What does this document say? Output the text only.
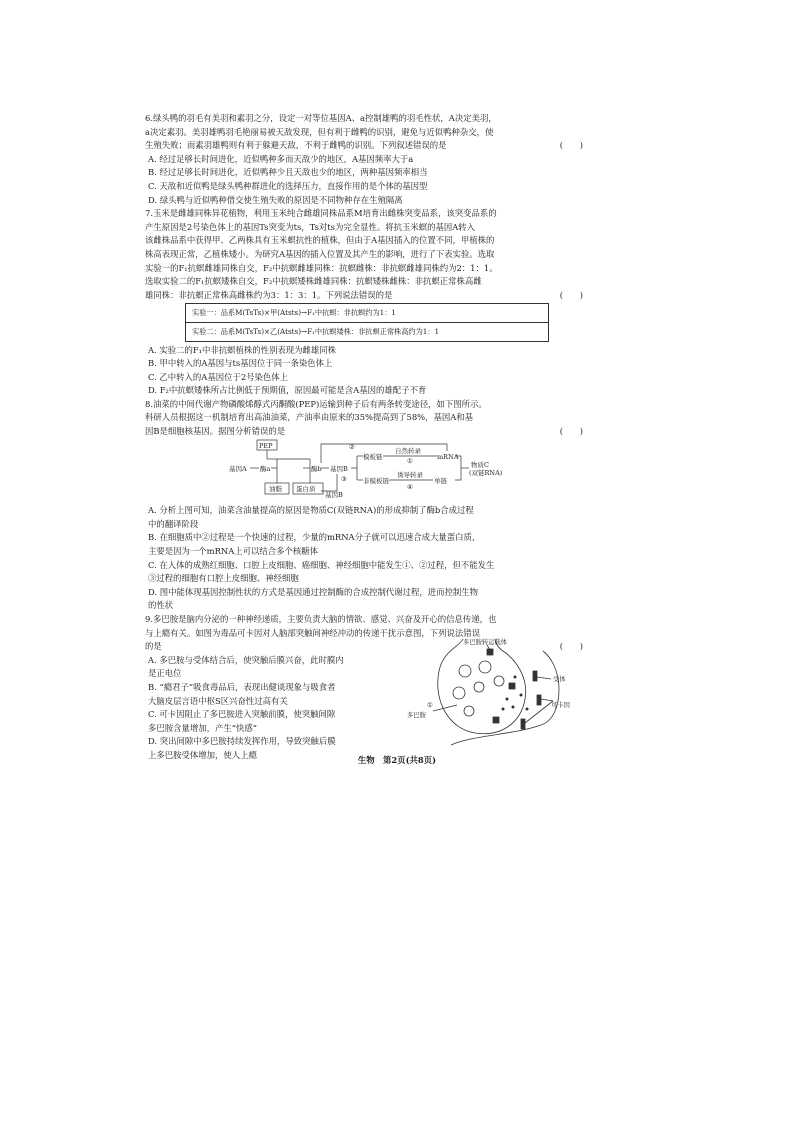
6.绿头鸭的羽毛有美羽和素羽之分，设定一对等位基因A、a控制雄鸭的羽毛性状，A决定美羽，

a决定素羽。美羽雄鸭羽毛艳丽易被天敌发现，但有利于雌鸭的识别，避免与近似鸭种杂交，使

生殖失败；而素羽雄鸭则有利于躲避天敌，不利于雌鸭的识别。下列叙述错误的是	(　　)

A. 经过足够长时间进化，近似鸭种多而天敌少的地区，A基因频率大于a

B. 经过足够长时间进化，近似鸭种少且天敌也少的地区，两种基因频率相当

C. 天敌和近似鸭是绿头鸭种群进化的选择压力，直接作用的是个体的基因型

D. 绿头鸭与近似鸭种借交使生殖失败的原因是不同物种存在生殖隔离

7.玉米是雌雄同株异花植物，利用玉米纯合雌雄同株品系M培育出雌株突变品系，该突变品系的

产生原因是2号染色体上的基因Ts突变为ts，Ts对ts为完全显性。将抗玉米螟的基因A转入

该雌株品系中获得甲、乙两株具有玉米螟抗性的植株，但由于A基因插入的位置不同，甲植株的

株高表现正常，乙植株矮小。为研究A基因的插入位置及其产生的影响，进行了下表实验。选取

实验一的F₁抗螟雌雄同株自交，F₂中抗螟雌雄同株：抗螟雌株：非抗螟雌雄同株约为2：1：1。

选取实验二的F₁抗螟矮株自交，F₂中抗螟矮株雌雄同株：抗螟矮株雌株：非抗螟正常株高雌

雄同株：非抗螟正常株高雌株约为3：1：3：1。下列说法错误的是	(　　)

实验一：品系M(TsTs)×甲(Atsts)→F₁中抗螟：非抗螟约为1：1
实验二：品系M(TsTs)×乙(Atsts)→F₁中抗螟矮株：非抗螟正常株高约为1：1

A. 实验二的F₁中非抗螟植株的性别表现为雌雄同株

B. 甲中转入的A基因与ts基因位于同一条染色体上

C. 乙中转入的A基因位于2号染色体上

D. F₂中抗螟矮株所占比例低于预期值，原因最可能是含A基因的雄配子不育

8.油菜的中间代谢产物磷酸烯醇式丙酮酸(PEP)运输到种子后有两条转变途径，如下图所示。

科研人员根据这一机制培育出高油油菜，产油率由原来的35%提高到了58%，基因A和基

因B是细胞核基因。据图分析错误的是	(　　)

PEP
基因A 酶a	酶b 基因B
基因B
油脂 蛋白质
模板链
非模板链
自然转录
诱导转录
mRNA
单链
物质C
(双链RNA)
①
②
③
④

A. 分析上图可知，油菜含油量提高的原因是物质C(双链RNA)的形成抑制了酶b合成过程

中的翻译阶段

B. 在细胞质中②过程是一个快速的过程，少量的mRNA分子就可以迅速合成大量蛋白质，

主要是因为一个mRNA上可以结合多个核糖体

C. 在人体的成熟红细胞、口腔上皮细胞、癌细胞、神经细胞中能发生①、②过程，但不能发生

③过程的细胞有口腔上皮细胞、神经细胞

D. 图中能体现基因控制性状的方式是基因通过控制酶的合成控制代谢过程，进而控制生物

的性状

9.多巴胺是脑内分泌的一种神经递质，主要负责大脑的情欲、感觉、兴奋及开心的信息传递，也

与上瘾有关。如图为毒品可卡因对人脑部突触间神经冲动的传递干扰示意图，下列说法错误

的是	(　　)

A. 多巴胺与受体结合后，使突触后膜兴奋，此时膜内

是正电位

B. “瘾君子”吸食毒品后，表现出健谈现象与吸食者

大脑皮层言语中枢S区兴奋性过高有关

C. 可卡因阻止了多巴胺进入突触前膜，使突触间隙

多巴胺含量增加，产生“快感”

D. 突出间隙中多巴胺持续发挥作用，导致突触后膜

上多巴胺受体增加，使人上瘾

多巴胺转运载体
受体
可卡因
多巴胺
①
生物　第2页(共8页)
